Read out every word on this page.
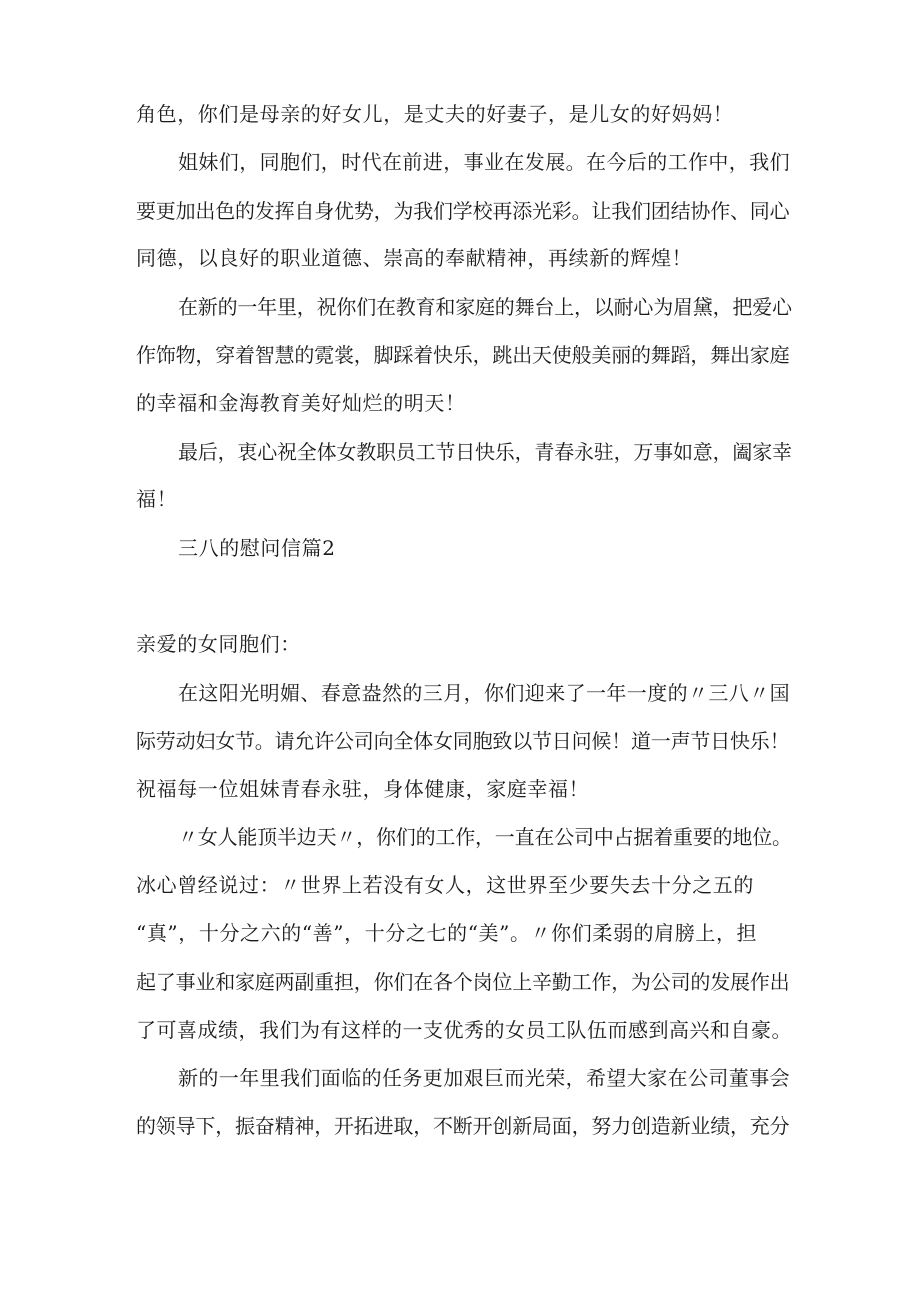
角色，你们是母亲的好女儿，是丈夫的好妻子，是儿女的好妈妈！
姐妹们，同胞们，时代在前进，事业在发展。在今后的工作中，我们
要更加出色的发挥自身优势，为我们学校再添光彩。让我们团结协作、同心
同德，以良好的职业道德、崇高的奉献精神，再续新的辉煌！
在新的一年里，祝你们在教育和家庭的舞台上，以耐心为眉黛，把爱心
作饰物，穿着智慧的霓裳，脚踩着快乐，跳出天使般美丽的舞蹈，舞出家庭
的幸福和金海教育美好灿烂的明天！
最后，衷心祝全体女教职员工节日快乐，青春永驻，万事如意，阖家幸
福！
三八的慰问信篇2
亲爱的女同胞们：
在这阳光明媚、春意盎然的三月，你们迎来了一年一度的〃三八〃国
际劳动妇女节。请允许公司向全体女同胞致以节日问候！道一声节日快乐！
祝福每一位姐妹青春永驻，身体健康，家庭幸福！
〃女人能顶半边天〃，你们的工作，一直在公司中占据着重要的地位。
冰心曾经说过：〃世界上若没有女人，这世界至少要失去十分之五的
“真”，十分之六的“善”，十分之七的“美”。〃你们柔弱的肩膀上，担
起了事业和家庭两副重担，你们在各个岗位上辛勤工作，为公司的发展作出
了可喜成绩，我们为有这样的一支优秀的女员工队伍而感到高兴和自豪。
新的一年里我们面临的任务更加艰巨而光荣，希望大家在公司董事会
的领导下，振奋精神，开拓进取，不断开创新局面，努力创造新业绩，充分
